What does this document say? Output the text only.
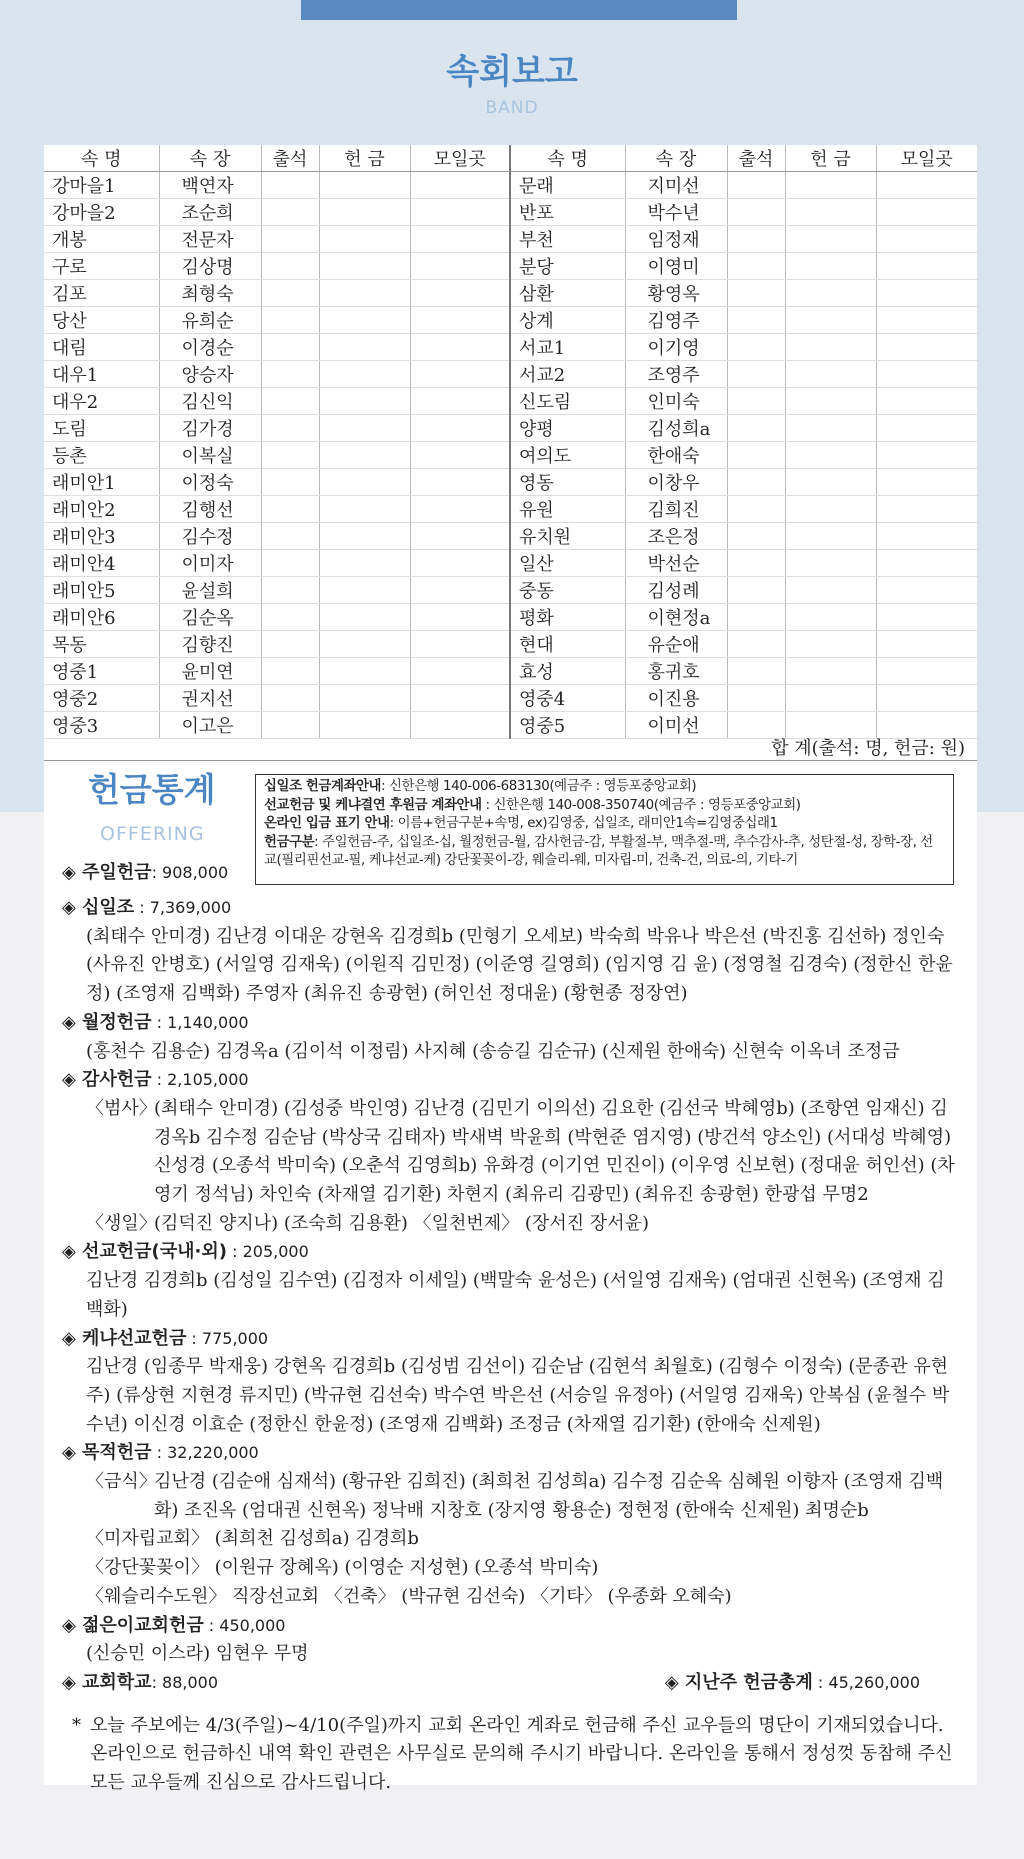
속회보고
BAND
속 명	속 장	출석	헌 금	모일곳	속 명	속 장	출석	헌 금	모일곳
강마을1	백연자				문래	지미선			
강마을2	조순희				반포	박수년			
개봉	전문자				부천	임정재			
구로	김상명				분당	이영미			
김포	최형숙				삼환	황영옥			
당산	유희순				상계	김영주			
대림	이경순				서교1	이기영			
대우1	양승자				서교2	조영주			
대우2	김신익				신도림	인미숙			
도림	김가경				양평	김성희a			
등촌	이복실				여의도	한애숙			
래미안1	이정숙				영동	이창우			
래미안2	김행선				유원	김희진			
래미안3	김수정				유치원	조은정			
래미안4	이미자				일산	박선순			
래미안5	윤설희				중동	김성례			
래미안6	김순옥				평화	이현정a			
목동	김향진				현대	유순애			
영중1	윤미연				효성	홍귀호			
영중2	권지선				영중4	이진용			
영중3	이고은				영중5	이미선			
합 계(출석: 명, 헌금: 원)
헌금통계
OFFERING
◈ 주일헌금: 908,000
십일조 헌금계좌안내: 신한은행 140-006-683130(예금주 : 영등포중앙교회)
선교헌금 및 케냐결연 후원금 계좌안내 : 신한은행 140-008-350740(예금주 : 영등포중앙교회)
온라인 입금 표기 안내: 이름+헌금구분+속명, ex)김영중, 십일조, 래미안1속=김영중십래1
헌금구분: 주일헌금-주, 십일조-십, 월정헌금-월, 감사헌금-감, 부활절-부, 맥추절-맥, 추수감사-추, 성탄절-성, 장학-장, 선교(필리핀선교-필, 케냐선교-케) 강단꽃꽂이-강, 웨슬리-웨, 미자립-미, 건축-건, 의료-의, 기타-기
◈ 십일조 : 7,369,000
(최태수 안미경) 김난경 이대운 강현옥 김경희b (민형기 오세보) 박숙희 박유나 박은선 (박진홍 김선하) 정인숙 (사유진 안병호) (서일영 김재욱) (이원직 김민정) (이준영 길영희) (임지영 김 윤) (정영철 김경숙) (정한신 한윤정) (조영재 김백화) 주영자 (최유진 송광현) (허인선 정대윤) (황현종 정장연)
◈ 월정헌금 : 1,140,000
(홍천수 김용순) 김경옥a (김이석 이정림) 사지혜 (송승길 김순규) (신제원 한애숙) 신현숙 이옥녀 조정금
◈ 감사헌금 : 2,105,000
〈범사〉
(최태수 안미경) (김성중 박인영) 김난경 (김민기 이의선) 김요한 (김선국 박혜영b) (조항연 임재신) 김경옥b 김수정 김순남 (박상국 김태자) 박새벽 박윤희 (박현준 염지영) (방건석 양소인) (서대성 박혜영) 신성경 (오종석 박미숙) (오춘석 김영희b) 유화경 (이기연 민진이) (이우영 신보현) (정대윤 허인선) (차영기 정석님) 차인숙 (차재열 김기환) 차현지 (최유리 김광민) (최유진 송광현) 한광섭 무명2
〈생일〉
(김덕진 양지나) (조숙희 김용환) 〈일천번제〉 (장서진 장서윤)
◈ 선교헌금(국내·외) : 205,000
김난경 김경희b (김성일 김수연) (김정자 이세일) (백말숙 윤성은) (서일영 김재욱) (엄대권 신현옥) (조영재 김백화)
◈ 케냐선교헌금 : 775,000
김난경 (임종무 박재웅) 강현옥 김경희b (김성범 김선이) 김순남 (김현석 최월호) (김형수 이정숙) (문종관 유현주) (류상현 지현경 류지민) (박규현 김선숙) 박수연 박은선 (서승일 유정아) (서일영 김재욱) 안복심 (윤철수 박수년) 이신경 이효순 (정한신 한윤정) (조영재 김백화) 조정금 (차재열 김기환) (한애숙 신제원)
◈ 목적헌금 : 32,220,000
〈금식〉
김난경 (김순애 심재석) (황규완 김희진) (최희천 김성희a) 김수정 김순옥 심혜원 이향자 (조영재 김백화) 조진옥 (엄대권 신현옥) 정낙배 지창호 (장지영 황용순) 정현정 (한애숙 신제원) 최명순b
〈미자립교회〉 (최희천 김성희a) 김경희b
〈강단꽃꽂이〉 (이원규 장혜옥) (이영순 지성현) (오종석 박미숙)
〈웨슬리수도원〉 직장선교회 〈건축〉 (박규현 김선숙) 〈기타〉 (우종화 오혜숙)
◈ 젊은이교회헌금 : 450,000
(신승민 이스라) 임현우 무명
◈ 교회학교: 88,000	◈ 지난주 헌금총계 : 45,260,000
* 오늘 주보에는 4/3(주일)~4/10(주일)까지 교회 온라인 계좌로 헌금해 주신 교우들의 명단이 기재되었습니다. 온라인으로 헌금하신 내역 확인 관련은 사무실로 문의해 주시기 바랍니다. 온라인을 통해서 정성껏 동참해 주신 모든 교우들께 진심으로 감사드립니다.
